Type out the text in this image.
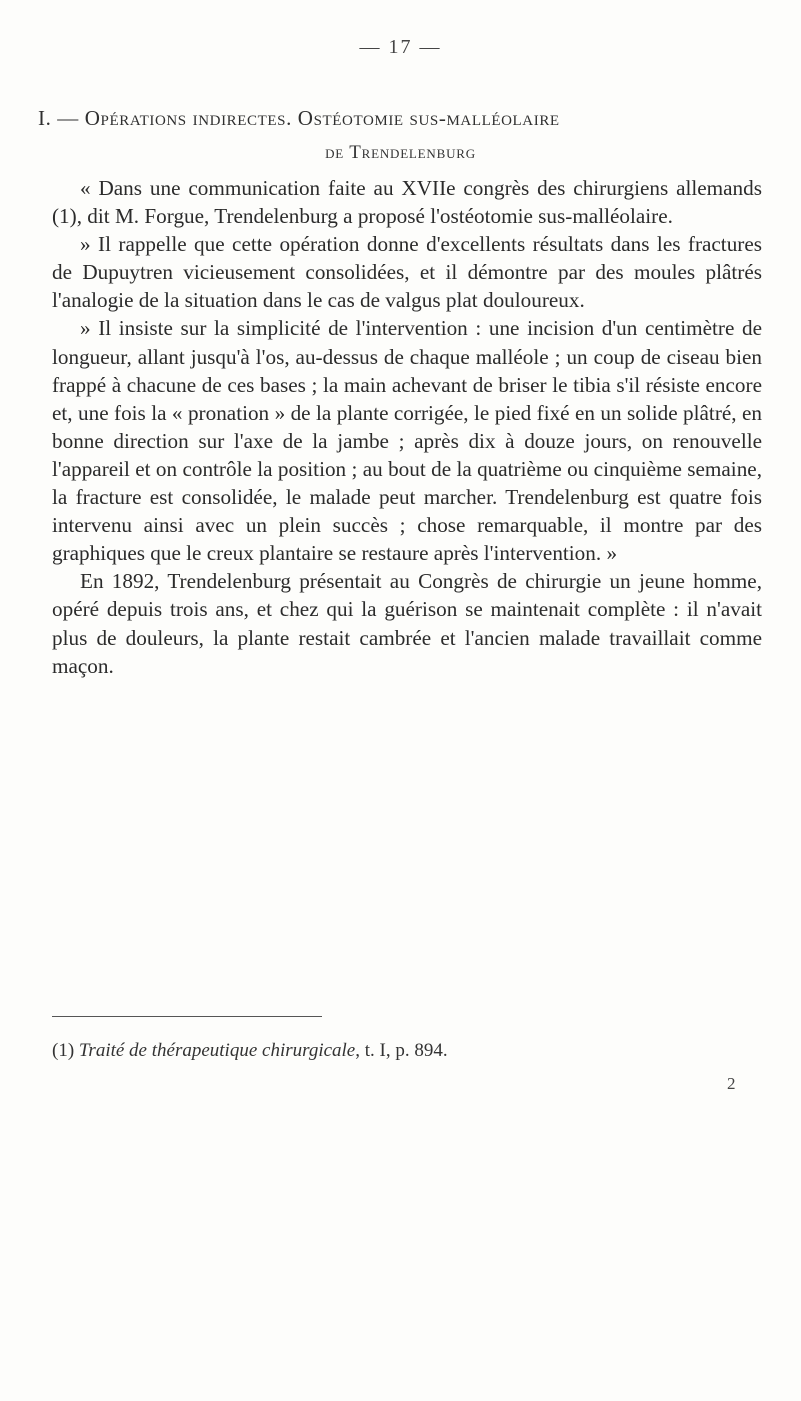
— 17 —
I. — Opérations indirectes. Ostéotomie sus-malléolaire
de Trendelenburg

« Dans une communication faite au XVIIe congrès des chirurgiens allemands (1), dit M. Forgue, Trendelenburg a proposé l'ostéotomie sus-malléolaire.

» Il rappelle que cette opération donne d'excellents résultats dans les fractures de Dupuytren vicieusement consolidées, et il démontre par des moules plâtrés l'analogie de la situation dans le cas de valgus plat douloureux.

» Il insiste sur la simplicité de l'intervention : une incision d'un centimètre de longueur, allant jusqu'à l'os, au-dessus de chaque malléole ; un coup de ciseau bien frappé à chacune de ces bases ; la main achevant de briser le tibia s'il résiste encore et, une fois la « pronation » de la plante corrigée, le pied fixé en un solide plâtré, en bonne direction sur l'axe de la jambe ; après dix à douze jours, on renouvelle l'appareil et on contrôle la position ; au bout de la quatrième ou cinquième semaine, la fracture est consolidée, le malade peut marcher. Trendelenburg est quatre fois intervenu ainsi avec un plein succès ; chose remarquable, il montre par des graphiques que le creux plantaire se restaure après l'intervention. »

En 1892, Trendelenburg présentait au Congrès de chirurgie un jeune homme, opéré depuis trois ans, et chez qui la guérison se maintenait complète : il n'avait plus de douleurs, la plante restait cambrée et l'ancien malade travaillait comme maçon.

(1) Traité de thérapeutique chirurgicale, t. I, p. 894.
2
